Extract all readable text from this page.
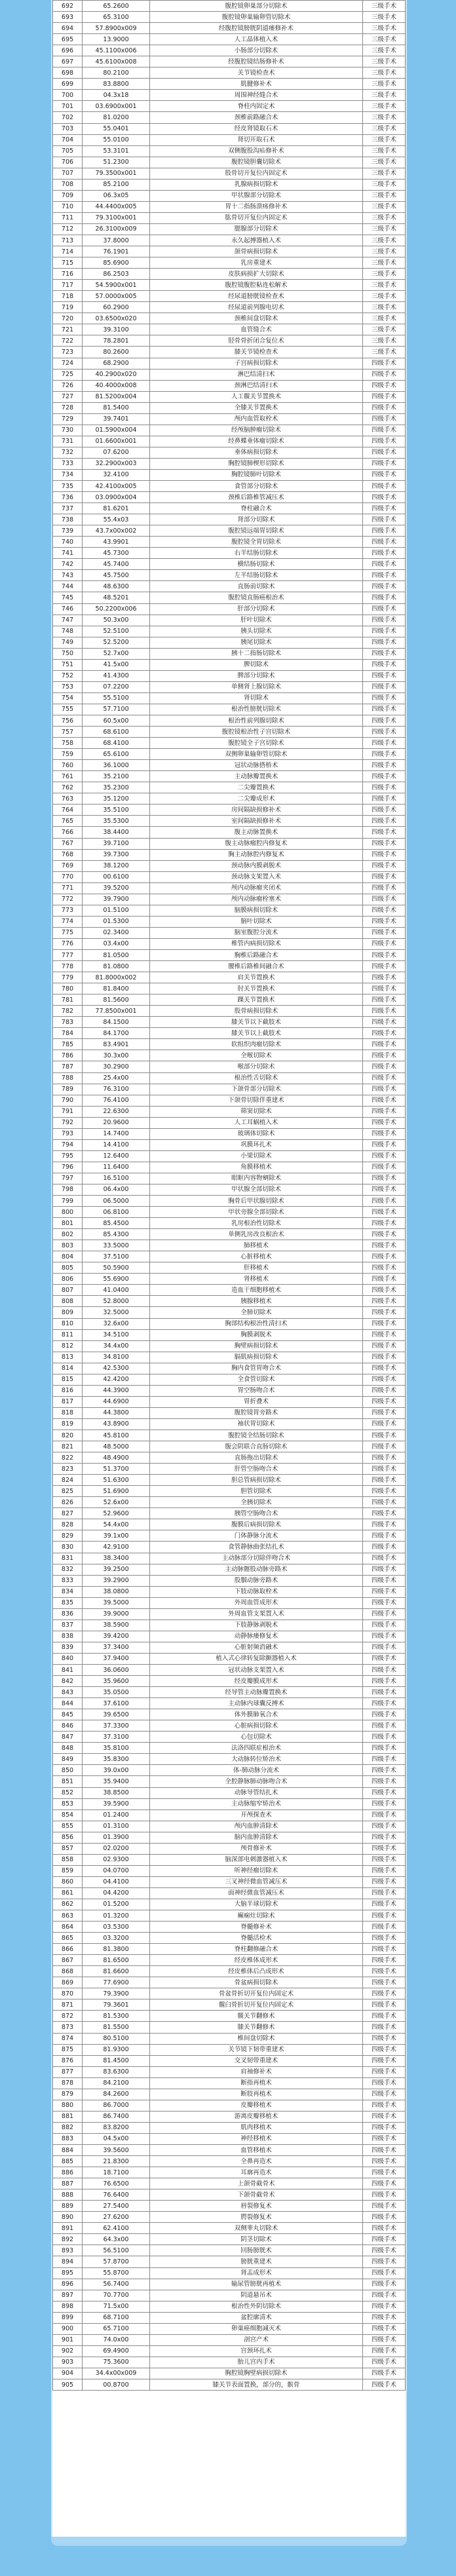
692	65.2600	腹腔镜卵巢部分切除术	三级手术
693	65.3100	腹腔镜卵巢输卵管切除术	三级手术
694	57.8900x009	经腹腔镜膀胱阴道瘘修补术	三级手术
695	13.9000	人工晶体植入术	三级手术
696	45.1100x006	小肠部分切除术	三级手术
697	45.6100x008	经腹腔镜结肠修补术	三级手术
698	80.2100	关节镜检查术	三级手术
699	83.8800	肌腱修补术	三级手术
700	04.3x18	周围神经缝合术	三级手术
701	03.6900x001	脊柱内固定术	三级手术
702	81.0200	颈椎前路融合术	三级手术
703	55.0401	经皮肾镜取石术	三级手术
704	55.0100	肾切开取石术	三级手术
705	53.3101	双侧腹股沟疝修补术	三级手术
706	51.2300	腹腔镜胆囊切除术	三级手术
707	79.3500x001	股骨切开复位内固定术	三级手术
708	85.2100	乳腺病损切除术	三级手术
709	06.3x05	甲状腺部分切除术	三级手术
710	44.4400x005	胃十二指肠溃疡修补术	三级手术
711	79.3100x001	肱骨切开复位内固定术	三级手术
712	26.3100x009	腮腺部分切除术	三级手术
713	37.8000	永久起搏器植入术	三级手术
714	76.1901	颌骨病损切除术	三级手术
715	85.6900	乳房重建术	三级手术
716	86.2503	皮肤病损扩大切除术	三级手术
717	54.5900x001	腹腔镜腹腔粘连松解术	三级手术
718	57.0000x005	经尿道膀胱镜检查术	三级手术
719	60.2900	经尿道前列腺电切术	三级手术
720	03.6500x020	颈椎间盘切除术	三级手术
721	39.3100	血管缝合术	三级手术
722	78.2801	胫骨骨折闭合复位术	三级手术
723	80.2600	膝关节镜检查术	三级手术
724	68.2900	子宫病损切除术	四级手术
725	40.2900x020	淋巴结清扫术	四级手术
726	40.4000x008	颈淋巴结清扫术	四级手术
727	81.5200x004	人工髋关节置换术	四级手术
728	81.5400	全膝关节置换术	四级手术
729	39.7401	颅内血管取栓术	四级手术
730	01.5900x004	经颅脑肿瘤切除术	四级手术
731	01.6600x001	经鼻蝶垂体瘤切除术	四级手术
732	07.6200	垂体病损切除术	四级手术
733	32.2900x003	胸腔镜肺楔形切除术	四级手术
734	32.4100	胸腔镜肺叶切除术	四级手术
735	42.4100x005	食管部分切除术	四级手术
736	03.0900x004	颈椎后路椎管减压术	四级手术
737	81.6201	脊柱融合术	四级手术
738	55.4x03	肾部分切除术	四级手术
739	43.7x00x002	腹腔镜远端胃切除术	四级手术
740	43.9901	腹腔镜全胃切除术	四级手术
741	45.7300	右半结肠切除术	四级手术
742	45.7400	横结肠切除术	四级手术
743	45.7500	左半结肠切除术	四级手术
744	48.6300	直肠前切除术	四级手术
745	48.5201	腹腔镜直肠癌根治术	四级手术
746	50.2200x006	肝部分切除术	四级手术
747	50.3x00	肝叶切除术	四级手术
748	52.5100	胰头切除术	四级手术
749	52.5200	胰尾切除术	四级手术
750	52.7x00	胰十二指肠切除术	四级手术
751	41.5x00	脾切除术	四级手术
752	41.4300	脾部分切除术	四级手术
753	07.2200	单侧肾上腺切除术	四级手术
754	55.5100	肾切除术	四级手术
755	57.7100	根治性膀胱切除术	四级手术
756	60.5x00	根治性前列腺切除术	四级手术
757	68.6100	腹腔镜根治性子宫切除术	四级手术
758	68.4100	腹腔镜全子宫切除术	四级手术
759	65.6100	双侧卵巢输卵管切除术	四级手术
760	36.1000	冠状动脉搭桥术	四级手术
761	35.2100	主动脉瓣置换术	四级手术
762	35.2300	二尖瓣置换术	四级手术
763	35.1200	二尖瓣成形术	四级手术
764	35.5100	房间隔缺损修补术	四级手术
765	35.5300	室间隔缺损修补术	四级手术
766	38.4400	腹主动脉置换术	四级手术
767	39.7100	腹主动脉瘤腔内修复术	四级手术
768	39.7300	胸主动脉腔内修复术	四级手术
769	38.1200	颈动脉内膜剥脱术	四级手术
770	00.6100	颈动脉支架置入术	四级手术
771	39.5200	颅内动脉瘤夹闭术	四级手术
772	39.7900	颅内动脉瘤栓塞术	四级手术
773	01.5100	脑膜病损切除术	四级手术
774	01.5300	脑叶切除术	四级手术
775	02.3400	脑室腹腔分流术	四级手术
776	03.4x00	椎管内病损切除术	四级手术
777	81.0500	胸椎后路融合术	四级手术
778	81.0800	腰椎后路椎间融合术	四级手术
779	81.8000x002	肩关节置换术	四级手术
780	81.8400	肘关节置换术	四级手术
781	81.5600	踝关节置换术	四级手术
782	77.8500x001	股骨病损切除术	四级手术
783	84.1500	膝关节以下截肢术	四级手术
784	84.1700	膝关节以上截肢术	四级手术
785	83.4901	软组织肉瘤切除术	四级手术
786	30.3x00	全喉切除术	四级手术
787	30.2900	喉部分切除术	四级手术
788	25.4x00	根治性舌切除术	四级手术
789	76.3100	下颌骨部分切除术	四级手术
790	76.4100	下颌骨切除伴重建术	四级手术
791	22.6300	筛窦切除术	四级手术
792	20.9600	人工耳蜗植入术	四级手术
793	14.7400	玻璃体切除术	四级手术
794	14.4100	巩膜环扎术	四级手术
795	12.6400	小梁切除术	四级手术
796	11.6400	角膜移植术	四级手术
797	16.5100	眼眶内容物剜除术	四级手术
798	06.4x00	甲状腺全部切除术	四级手术
799	06.5000	胸骨后甲状腺切除术	四级手术
800	06.8100	甲状旁腺全部切除术	四级手术
801	85.4500	乳房根治性切除术	四级手术
802	85.4300	单侧乳房改良根治术	四级手术
803	33.5000	肺移植术	四级手术
804	37.5100	心脏移植术	四级手术
805	50.5900	肝移植术	四级手术
806	55.6900	肾移植术	四级手术
807	41.0400	造血干细胞移植术	四级手术
808	52.8000	胰腺移植术	四级手术
809	32.5000	全肺切除术	四级手术
810	32.6x00	胸部结构根治性清扫术	四级手术
811	34.5100	胸膜剥脱术	四级手术
812	34.4x00	胸壁病损切除术	四级手术
813	34.8100	膈肌病损切除术	四级手术
814	42.5300	胸内食管胃吻合术	四级手术
815	42.4200	全食管切除术	四级手术
816	44.3900	胃空肠吻合术	四级手术
817	44.6900	胃折叠术	四级手术
818	44.3800	腹腔镜胃旁路术	四级手术
819	43.8900	袖状胃切除术	四级手术
820	45.8100	腹腔镜全结肠切除术	四级手术
821	48.5000	腹会阴联合直肠切除术	四级手术
822	48.4900	直肠拖出切除术	四级手术
823	51.3700	肝管空肠吻合术	四级手术
824	51.6300	胆总管病损切除术	四级手术
825	51.6900	胆管切除术	四级手术
826	52.6x00	全胰切除术	四级手术
827	52.9600	胰管空肠吻合术	四级手术
828	54.4x00	腹膜后病损切除术	四级手术
829	39.1x00	门体静脉分流术	四级手术
830	42.9100	食管静脉曲张结扎术	四级手术
831	38.3400	主动脉部分切除伴吻合术	四级手术
832	39.2500	主动脉髂股动脉旁路术	四级手术
833	39.2900	股腘动脉旁路术	四级手术
834	38.0800	下肢动脉取栓术	四级手术
835	39.5000	外周血管成形术	四级手术
836	39.9000	外周血管支架置入术	四级手术
837	38.5900	下肢静脉剥脱术	四级手术
838	39.4200	动静脉瘘修复术	四级手术
839	37.3400	心脏射频消融术	四级手术
840	37.9400	植入式心律转复除颤器植入术	四级手术
841	36.0600	冠状动脉支架置入术	四级手术
842	35.9600	经皮瓣膜成形术	四级手术
843	35.0500	经导管主动脉瓣置换术	四级手术
844	37.6100	主动脉内球囊反搏术	四级手术
845	39.6500	体外膜肺氧合术	四级手术
846	37.3300	心脏病损切除术	四级手术
847	37.3100	心包切除术	四级手术
848	35.8100	法洛四联症根治术	四级手术
849	35.8300	大动脉转位矫治术	四级手术
850	39.0x00	体-肺动脉分流术	四级手术
851	35.9400	全腔静脉肺动脉吻合术	四级手术
852	38.8500	动脉导管结扎术	四级手术
853	39.5900	主动脉缩窄矫治术	四级手术
854	01.2400	开颅探查术	四级手术
855	01.3100	颅内血肿清除术	四级手术
856	01.3900	脑内血肿清除术	四级手术
857	02.0200	颅骨修补术	四级手术
858	02.9300	脑深部电刺激器植入术	四级手术
859	04.0700	听神经瘤切除术	四级手术
860	04.4100	三叉神经微血管减压术	四级手术
861	04.4200	面神经微血管减压术	四级手术
862	01.5200	大脑半球切除术	四级手术
863	01.3200	癫痫灶切除术	四级手术
864	03.5300	脊髓修补术	四级手术
865	03.3200	脊髓活检术	四级手术
866	81.3800	脊柱翻修融合术	四级手术
867	81.6500	经皮椎体成形术	四级手术
868	81.6600	经皮椎体后凸成形术	四级手术
869	77.6900	骨盆病损切除术	四级手术
870	79.3900	骨盆骨折切开复位内固定术	四级手术
871	79.3601	髋臼骨折切开复位内固定术	四级手术
872	81.5300	髋关节翻修术	四级手术
873	81.5500	膝关节翻修术	四级手术
874	80.5100	椎间盘切除术	四级手术
875	81.9300	关节镜下韧带重建术	四级手术
876	81.4500	交叉韧带重建术	四级手术
877	83.6300	肩袖修补术	四级手术
878	84.2100	断指再植术	四级手术
879	84.2600	断肢再植术	四级手术
880	86.7000	皮瓣移植术	四级手术
881	86.7400	游离皮瓣移植术	四级手术
882	83.8200	肌肉移植术	四级手术
883	04.5x00	神经移植术	四级手术
884	39.5600	血管移植术	四级手术
885	21.8300	全鼻再造术	四级手术
886	18.7100	耳廓再造术	四级手术
887	76.6500	上颌骨截骨术	四级手术
888	76.6400	下颌骨截骨术	四级手术
889	27.5400	唇裂修复术	四级手术
890	27.6200	腭裂修复术	四级手术
891	62.4100	双侧睾丸切除术	四级手术
892	64.3x00	阴茎切除术	四级手术
893	56.5100	回肠膀胱术	四级手术
894	57.8700	膀胱重建术	四级手术
895	55.8700	肾盂成形术	四级手术
896	56.7400	输尿管膀胱再植术	四级手术
897	70.7700	阴道悬吊术	四级手术
898	71.5x00	根治性外阴切除术	四级手术
899	68.7100	盆腔廓清术	四级手术
900	65.7100	卵巢癌细胞减灭术	四级手术
901	74.0x00	剖宫产术	四级手术
902	69.4900	宫颈环扎术	四级手术
903	75.3600	胎儿宫内手术	四级手术
904	34.4x00x009	胸腔镜胸壁病损切除术	四级手术
905	00.8700	膝关节表面置换，部分的，髌骨	四级手术
